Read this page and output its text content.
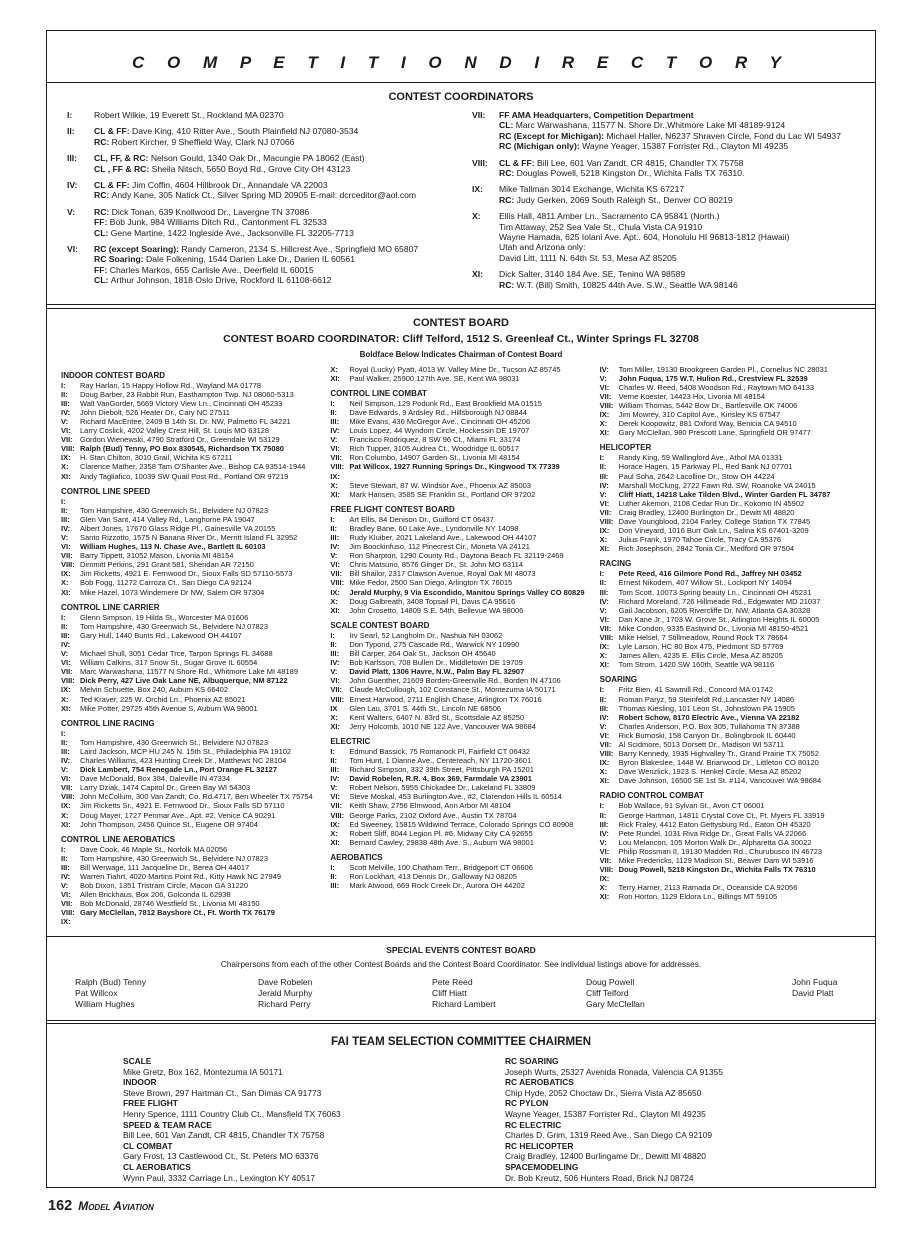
C O M P E T I T I O N D I R E C T O R Y
CONTEST COORDINATORS
I:	Robert Wilkie, 19 Everett St., Rockland MA 02370
II:	CL & FF: Dave King, 410 Ritter Ave., South Plainfield NJ 07080-3534
RC: Robert Kircher, 9 Sheffield Way, Clark NJ 07066
III:	CL, FF, & RC: Nelson Gould, 1340 Oak Dr., Macungie PA 18062 (East)
CL , FF & RC: Sheila Nitsch, 5650 Boyd Rd., Grove City OH 43123
IV:	CL & FF: Jim Coffin, 4604 Hillbrook Dr., Annandale VA 22003
RC: Andy Kane, 305 Natick Ct., Silver Spring MD 20905 E-mail: dcrceditor@aol.com
V:	RC: Dick Tonan, 639 Knollwood Dr., Lavergne TN 37086
FF: Bob Junk, 984 Williams Ditch Rd., Cantonment FL 32533
CL: Gene Martine, 1422 Ingleside Ave., Jacksonville FL 32205-7713
VI:	RC (except Soaring): Randy Cameron, 2134 S. Hillcrest Ave., Springfield MO 65807
RC Soaring: Dale Folkening, 1544 Darien Lake Dr., Darien IL 60561
FF: Charles Markos, 655 Carlisle Ave., Deerfield IL 60015
CL: Arthur Johnson, 1818 Oslo Drive, Rockford IL 61108-6612
VII:	FF AMA Headquarters, Competition Department
CL: Marc Warwashana, 11577 N. Shore Dr.,Whitmore Lake MI 48189-9124
RC (Except for Michigan): Michael Haller, N6237 Shraven Circle, Fond du Lac WI 54937
RC (Michigan only): Wayne Yeager, 15387 Forrister Rd., Clayton MI 49235
VIII:	CL & FF: Bill Lee, 601 Van Zandt, CR 4815, Chandler TX 75758
RC: Douglas Powell, 5218 Kingston Dr., Wichita Falls TX 76310.
IX:	Mike Tallman 3014 Exchange, Wichita KS 67217
RC: Judy Gerken, 2069 South Raleigh St., Denver CO 80219
X:	Ellis Hall, 4811 Amber Ln., Sacramento CA 95841 (North.)
Tim Attaway, 252 Sea Vale St., Chula Vista CA 91910
Wayne Hamada, 625 Iolani Ave. Apt.. 604, Honolulu HI 96813-1812 (Hawaii)
Utah and Arizona only:
David Litt, 1111 N. 64th St. 53, Mesa AZ 85205
XI:	Dick Salter, 3140 184 Ave. SE, Tenino WA 98589
RC: W.T. (Bill) Smith, 10825 44th Ave. S.W., Seattle WA 98146
CONTEST BOARD
CONTEST BOARD COORDINATOR: Cliff Telford, 1512 S. Greenleaf Ct., Winter Springs FL 32708
Boldface Below Indicates Chairman of Contest Board
INDOOR CONTEST BOARD
I:	Ray Harlan, 15 Happy Hollow Rd., Wayland MA 01778
II:	Doug Barber, 23 Rabbit Run, Easthampton Twp. NJ 08060-5313
III:	Walt VanGorder, 5669 Victory View Ln., Cincinnati OH 45233
IV:	John Diebolt, 526 Heater Dr., Cary NC 27511
V:	Richard MacEntee, 2409 B 14th St. Dr. NW, Palmetto FL 34221
VI:	Larry Coslick, 4202 Valley Crest Hill, St. Louis MO 63128
VII: Gordon Wienewski, 4790 Stratford Dr., Greendale WI 53129
VIII: Ralph (Bud) Tenny, PO Box 830545, Richardson TX 75080
IX:	H. Stan Chilton, 3010 Grail, Wichita KS 67211
X:	Clarence Mather, 2358 Tam O'Shanter Ave., Bishop CA 93514-1944
XI:	Andy Tagliafico, 10039 SW Quail Post Rd., Portland OR 97219
CONTROL LINE SPEED
I:
II:	Tom Hampshire, 430 Greenwich St., Belvidere NJ 07823
III:	Glen Van Sant, 414 Valley Rd., Langhorne PA 19047
IV:	Albert Jones, 17670 Glass Ridge Pl., Gainesville VA 20155
V:	Santo Rizzotto, 1575 N Banana River Dr., Merritt Island FL 32952
VI:	William Hughes, 113 N. Chase Ave., Bartlett IL 60103
VII: Barry Tippett, 31052 Mason, Livonia MI 48154
VIII: Dimmitt Perkins, 291 Grant 581, Sheridan AR 72150
IX:	Jim Ricketts, 4921 E. Fernwood Dr., Sioux Falls SD 57110-5573
X:	Bob Fogg, 11272 Carroza Ct., San Diego CA 92124
XI:	Mike Hazel, 1073 Windemere Dr NW, Salem OR 97304
CONTROL LINE CARRIER
I:	Glenn Simpson, 19 Hilda St., Worcester MA 01606
II:	Tom Hampshire, 430 Greenwich St., Belvidere NJ 07823
III:	Gary Hull, 1440 Bunts Rd., Lakewood OH 44107
IV:
V:	Michael Shull, 3051 Cedar Trce, Tarpon Springs FL 34688
VI:	William Calkins, 317 Snow St., Sugar Grove IL 60554
VII: Marc Warwashana, 11577 N Shore Rd., Whitmore Lake MI 48189
VIII: Dick Perry, 427 Live Oak Lane NE, Albuquerque, NM 87122
IX:	Melvin Schuette, Box 240, Auburn KS 66402
X:	Ted Kraver, 225 W. Orchid Ln., Phoenix AZ 85021
XI:	Mike Potter, 29725 45th Avenue S, Auburn WA 98001
CONTROL LINE RACING
I:
II:	Tom Hampshire, 430 Greenwich St., Belvidere NJ 07823
III:	Laird Jackson, MCP HU 245 N. 15th St., Philadelphia PA 19102
IV:	Charles Williams, 423 Hunting Creek Dr., Matthews NC 28104
V:	Dick Lambert, 754 Renegade Ln., Port Orange FL 32127
VI:	Dave McDonald, Box 384, Daleville IN 47334
VII: Larry Dziak, 1474 Capitol Dr., Green Bay WI 54303
VIII: John McCollum, 300 Van Zandt, Co. Rd.4717, Ben Wheeler TX 75754
IX:	Jim Ricketts Sr., 4921 E. Fernwood Dr., Sioux Falls SD 57110
X:	Doug Mayer, 1727 Penmar Ave., Apt. #2, Venice CA 90291
XI:	John Thompson, 2456 Quince St., Eugene OR 97404
CONTROL LINE AEROBATICS
I:	Dave Cook, 46 Maple St., Norfolk MA 02056
II:	Tom Hampshire, 430 Greenwich St., Belvidere NJ 07823
III:	Bill Werwage, 111 Jacqueline Dr., Berea OH 44017
IV:	Warren Tiahrt, 4020 Martins Point Rd., Kitty Hawk NC 27949
V:	Bob Dixon, 1351 Tristram Circle, Macon GA 31220
VI:	Allen Brickhaus, Box 206, Golconda IL 62938
VII: Bob McDonald, 28746 Westfield St., Livonia MI 48150
VIII: Gary McClellan, 7812 Bayshore Ct., Ft. Worth TX 76179
IX:
X:	Royal (Lucky) Pyatt, 4013 W. Valley Mine Dr., Tucson AZ 85745
XI:	Paul Walker, 25900 127th Ave. SE, Kent WA 98031
CONTROL LINE COMBAT
I:	Neil Simpson, 129 Podunk Rd., East Brookfield MA 01515
II:	Dave Edwards, 9 Ardsley Rd., Hillsborough NJ 08844
III:	Mike Evans, 436 McGregor Ave., Cincinnati OH 45206
IV:	Louis Lopez, 44 Wyndom Circle, Hockessin DE 19707
V:	Francisco Rodriquez, 8 SW 96 Ct., Miami FL 33174
VI:	Rich Tupper, 3105 Audrea Ct., Woodridge IL 60517
VII: Ron Columbo, 14907 Garden St., Livonia MI 48154
VIII: Pat Willcox, 1927 Running Springs Dr., Kingwood TX 77339
IX:
X:	Steve Stewart, 87 W. Windsor Ave., Phoenix AZ 85003
XI:	Mark Hansen, 3585 SE Franklin St., Portland OR 97202
FREE FLIGHT CONTEST BOARD
I:	Art Ellis, 84 Denison Dr., Guilford CT 06437
II:	Bradley Bane, 60 Lake Ave., Lyndonville NY 14098
III:	Rudy Kluiber, 2021 Lakeland Ave., Lakewood OH 44107
IV:	Jim Boockinfuso, 112 Pinecrest Cir., Moneta VA 24121
V:	Ron Sharpton, 1290 County Rd., Daytona Beach FL 32119-2469
VI:	Chris Matsuno, 8576 Ginger Dr., St. John MO 63114
VII: Bill Shailor, 2317 Clawson Avenue, Royal Oak MI 48073
VIII: Mike Fedor, 2500 San Diego, Arlington TX 76015
IX:	Jerald Murphy, 9 Via Escondido, Manitou Springs Valley CO 80829
X:	Doug Galbreath, 3408 Topsail Pl, Davis CA 95616
XI:	John Crosetto, 14809 S.E. 54th, Bellevue WA 98006
SCALE CONTEST BOARD
I:	Irv Searl, 52 Langholm Dr., Nashua NH 03062
II:	Don Typond, 275 Cascade Rd., Warwick NY 10990
III:	Bill Carper, 264 Oak St., Jackson OH 45640
IV:	Bob Karlsson, 708 Bullen Dr., Middletown DE 19709
V:	David Platt, 1306 Havre, N.W., Palm Bay FL 32907
VI:	John Guenther, 21609 Borden-Greenville Rd., Borden IN 47106
VII: Claude McCullough, 102 Constance St., Montezuma IA 50171
VIII: Ernest Harwood, 2711 English Chase, Arlington TX 76016
IX	Glen Lau, 3701 S. 44th St., Lincoln NE 68506
X:	Kent Walters, 6407 N. 83rd St., Scottsdale AZ 85250
XI:	Jerry Holcomb, 1010 NE 122 Ave, Vancouver WA 98684
ELECTRIC
I:	Edmund Bassick, 75 Romanock Pl, Fairfield CT 06432
II:	Tom Hunt, 1 Dianne Ave., Centereach, NY 11720-3601
III:	Richard Simpson, 332 39th Street, Pittsburgh PA 15201
IV:	David Robelen, R.R. 4, Box 369, Farmdale VA 23901
V:	Robert Nelson, 5955 Chickadee Dr., Lakeland FL 33809
VI:	Steve Moskal, 453 Burlington Ave., #2, Clarendon Hills IL 60514
VII: Keith Shaw, 2756 Elmwood, Ann Arbor MI 48104
VIII: George Parks, 2102 Oxford Ave., Austin TX 78704
IX:	Ed Sweeney, 15815 Wildwind Terrace, Colorado Springs CO 80908
X:	Robert Sliff, 8044 Legion Pl. #6, Midway City CA 92655
XI:	Bernard Cawley, 29838 48th Ave. S., Auburn WA 98001
AEROBATICS
I:	Scott Melville, 100 Chatham Terr., Bridgeport CT 06606
II:	Ron Lockhart, 413 Dennis Dr., Galloway NJ 08205
III:	Mark Atwood, 669 Rock Creek Dr., Aurora OH 44202
IV:	Tom Miller, 19130 Brookgreen Garden Pl., Cornelius NC 28031
V:	John Fuqua, 175 W.T. Hulion Rd., Crestview FL 32539
VI:	Charles W. Reed, 5408 Woodson Rd., Raytown MO 64133
VII: Verne Koester, 14423 Hix, Livonia MI 48154
VIII: William Thomas, 5442 Bow Dr., Bartlesville OK 74006
IX:	Jim Mowrey, 310 Capitol Ave., Kinsley KS 67547
X:	Derek Koopowitz, 881 Oxford Way, Benicia CA 94510
XI:	Gary McClellan, 980 Prescott Lane, Springfield OR 97477
HELICOPTER
I:	Randy King, 59 Wallingford Ave., Athol MA 01331
II:	Horace Hagen, 15 Parkway Pl., Red Bank NJ 07701
III:	Paul Soha, 2642 Lacolline Dr., Stow OH 44224
IV:	Marshall McClung, 2722 Fawn Rd. SW, Roanoke VA 24015
V:	Cliff Hiatt, 14218 Lake Tilden Blvd., Winter Garden FL 34787
VI:	Luther Akemon, 2108 Cedar Run Dr., Kokomo IN 45902
VII: Craig Bradley, 12400 Burlington Dr., Dewitt MI 48820
VIII: Dave Youngblood, 2104 Farley, College Station TX 77845
IX:	Don Vineyard, 1016 Burr Oak Ln., Salina KS 67401-3209
X:	Julius Frank, 1970 Tahoe Circle, Tracy CA 95376
XI:	Rich Josephson, 2842 Tonia Cir., Medford OR 97504
RACING
I:	Pete Reed, 416 Gilmore Pond Rd., Jaffrey NH 03452
II:	Ernest Nikodem, 407 Willow St., Lockport NY 14094
III:	Tom Scott, 10073 Spring beauty Ln., Cincinnati OH 45231
IV:	Richard Moreland, 726 Hillmeade Rd., Edgewater MD 21037
V:	Gail Jacobson, 6205 Rivercliffe Dr. NW, Atlanta GA 30328
VI:	Dan Kane Jr., 1703 W. Grove St., Arlington Heights IL 60005
VII: Mike Condon, 9335 Eastwind Dr., Livonia MI 48150-4521
VIII: Mike Helsel, 7 Stillmeadow, Round Rock TX 78664
IX:	Lyle Larson, HC 80 Box 475, Piedmont SD 57769
X:	James Allen, 4235 E. Ellis Circle, Mesa AZ 85205
XI:	Tom Strom, 1420 SW 160th, Seattle WA 98116
SOARING
I:	Fritz Bien, 41 Sawmill Rd., Concord MA 01742
II:	Roman Paryz, 59 Steinfeldt Rd.,Lancaster NY 14086
III:	Thomas Kiesling, 101 Leon St., Johnstown PA 15905
IV:	Robert Schow, 8170 Electric Ave., Vienna VA 22182
V:	Charles Anderson, P.O. Box 305, Tullahoma TN 37388
VI:	Rick Burnoski, 158 Canyon Dr., Bolingbrook IL 60440
VII: Al Scidmore, 5013 Dorsett Dr., Madison WI 53711
VIII: Barry Kennedy, 1935 Highvalley Tr., Grand Prairie TX 75052
IX:	Byron Blakeslee, 1448 W. Briarwood Dr., Littleton CO 80120
X:	Dave Wenzlick, 1923 S. Henkel Circle, Mesa AZ 85202
XI:	Dave Johnson, 16500 SE 1st St. #114, Vancouver WA 98684
RADIO CONTROL COMBAT
I:	Bob Wallace, 91 Sylvan St., Avon CT 06001
II:	George Hartman, 14811 Crystal Cove Ct., Ft. Myers FL 33919
III:	Rick Fraley, 4412 Eaton Gettysburg Rd., Eaton OH 45320
IV:	Pete Rundel, 1031 Riva Ridge Dr., Great Falls VA 22066
V:	Lou Melancon, 105 Morton Walk Dr., Alpharetta GA 30022
VI:	Philip Rossman II, 19130 Madden Rd., Churubusco IN 46723
VII: Mike Fredericks, 1129 Madison St., Beaver Dam WI 53916
VIII: Doug Powell, 5218 Kingston Dr., Wichita Falls TX 76310
IX:
X:	Terry Harner, 2113 Ramada Dr., Oceanside CA 92056
XI:	Ron Horton, 1129 Eldora Ln., Billings MT 59105
SPECIAL EVENTS CONTEST BOARD
Chairpersons from each of the other Contest Boards and the Contest Board Coordinator. See individual listings above for addresses.
Ralph (Bud) Tenny
Pat Willcox
William Hughes
Dave Robelen
Jerald Murphy
Richard Perry
Pete Reed
Cliff Hiatt
Richard Lambert
Doug Powell
Cliff Telford
Gary McClellan
John Fuqua
David Platt
FAI TEAM SELECTION COMMITTEE CHAIRMEN
SCALE
Mike Gretz, Box 162, Montezuma IA 50171
INDOOR
Steve Brown, 297 Hartman Ct., San Dimas CA 91773
FREE FLIGHT
Henry Spence, 1111 Country Club Ct., Mansfield TX 76063
SPEED & TEAM RACE
Bill Lee, 601 Van Zandt, CR 4815, Chandler TX 75758
CL COMBAT
Gary Frost, 13 Castlewood Ct., St. Peters MO 63376
CL AEROBATICS
Wynn Paul, 3332 Carriage Ln., Lexington KY 40517
RC SOARING
Joseph Wurts, 25327 Avenida Ronada, Valencia CA 91355
RC AEROBATICS
Chip Hyde, 2052 Choctaw Dr., Sierra Vista AZ 85650
RC PYLON
Wayne Yeager, 15387 Forrister Rd., Clayton MI 49235
RC ELECTRIC
Charles D. Grim, 1319 Reed Ave., San Diego CA 92109
RC HELICOPTER
Craig Bradley, 12400 Burlingame Dr., Dewitt MI 48820
SPACEMODELING
Dr. Bob Kreutz, 506 Hunters Road, Brick NJ 08724
162 Model Aviation
